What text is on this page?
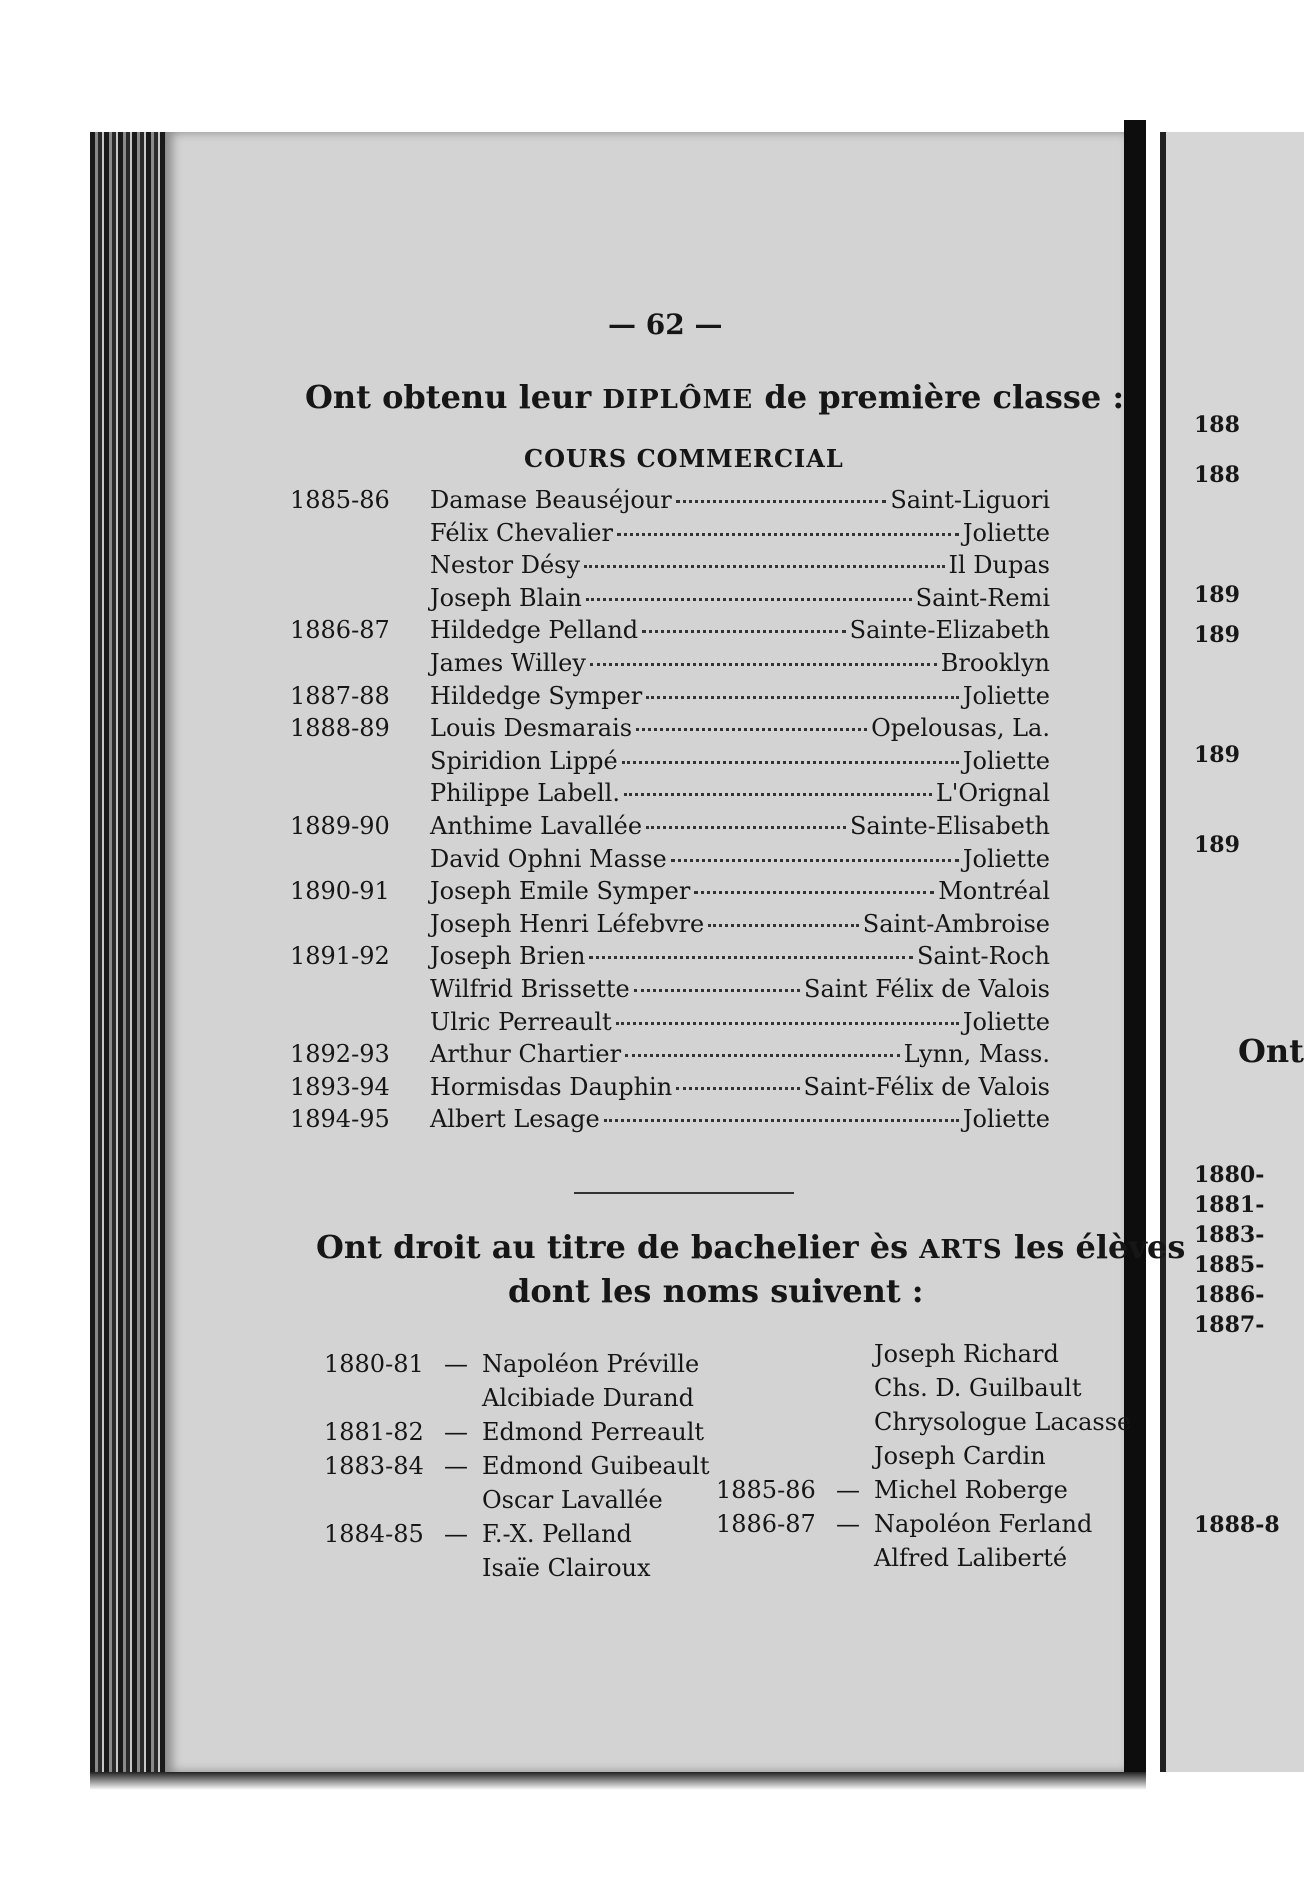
188
188
189
189
189
189
Ont
1880-
1881-
1883-
1885-
1886-
1887-
1888-8
— 62 —
Ont obtenu leur DIPLÔME de première classe :
COURS COMMERCIAL
1885-86	Damase Beauséjour	Saint-Liguori
Félix Chevalier	Joliette
Nestor Désy	Il Dupas
Joseph Blain	Saint-Remi
1886-87	Hildedge Pelland	Sainte-Elizabeth
James Willey	Brooklyn
1887-88	Hildedge Symper	Joliette
1888-89	Louis Desmarais	Opelousas, La.
Spiridion Lippé	Joliette
Philippe Labell.	L'Orignal
1889-90	Anthime Lavallée	Sainte-Elisabeth
David Ophni Masse	Joliette
1890-91	Joseph Emile Symper	Montréal
Joseph Henri Léfebvre	Saint-Ambroise
1891-92	Joseph Brien	Saint-Roch
Wilfrid Brissette	Saint Félix de Valois
Ulric Perreault	Joliette
1892-93	Arthur Chartier	Lynn, Mass.
1893-94	Hormisdas Dauphin	Saint-Félix de Valois
1894-95	Albert Lesage	Joliette
Ont droit au titre de bachelier ès ARTS les élèves
dont les noms suivent :
1880-81 — Napoléon Préville
Alcibiade Durand
1881-82 — Edmond Perreault
1883-84 — Edmond Guibeault
Oscar Lavallée
1884-85 — F.-X. Pelland
Isaïe Clairoux
Joseph Richard
Chs. D. Guilbault
Chrysologue Lacasse
Joseph Cardin
1885-86 — Michel Roberge
1886-87 — Napoléon Ferland
Alfred Laliberté
